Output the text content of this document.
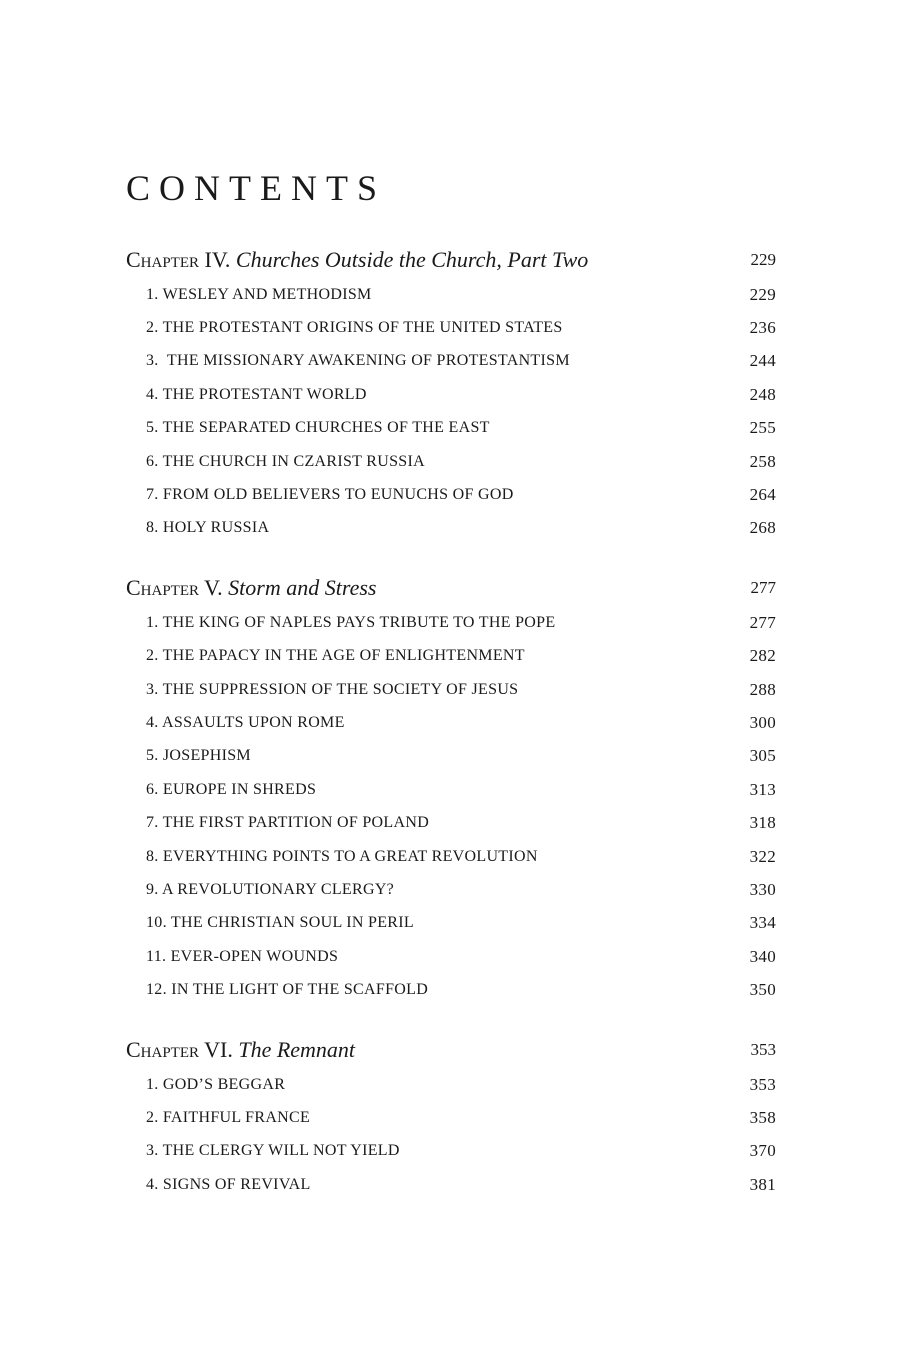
CONTENTS
Chapter IV. Churches Outside the Church, Part Two	229
1. WESLEY AND METHODISM	229
2. THE PROTESTANT ORIGINS OF THE UNITED STATES	236
3.  THE MISSIONARY AWAKENING OF PROTESTANTISM	244
4. THE PROTESTANT WORLD	248
5. THE SEPARATED CHURCHES OF THE EAST	255
6. THE CHURCH IN CZARIST RUSSIA	258
7. FROM OLD BELIEVERS TO EUNUCHS OF GOD	264
8. HOLY RUSSIA	268
Chapter V. Storm and Stress	277
1. THE KING OF NAPLES PAYS TRIBUTE TO THE POPE	277
2. THE PAPACY IN THE AGE OF ENLIGHTENMENT	282
3. THE SUPPRESSION OF THE SOCIETY OF JESUS	288
4. ASSAULTS UPON ROME	300
5. JOSEPHISM	305
6. EUROPE IN SHREDS	313
7. THE FIRST PARTITION OF POLAND	318
8. EVERYTHING POINTS TO A GREAT REVOLUTION	322
9. A REVOLUTIONARY CLERGY?	330
10. THE CHRISTIAN SOUL IN PERIL	334
11. EVER-OPEN WOUNDS	340
12. IN THE LIGHT OF THE SCAFFOLD	350
Chapter VI. The Remnant	353
1. GOD’S BEGGAR	353
2. FAITHFUL FRANCE	358
3. THE CLERGY WILL NOT YIELD	370
4. SIGNS OF REVIVAL	381
